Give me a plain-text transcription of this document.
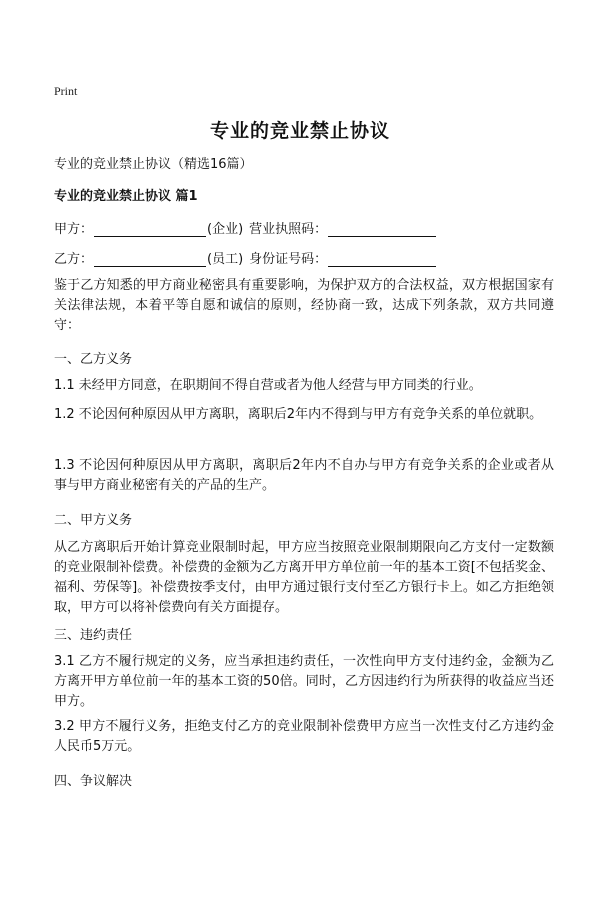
Print
专业的竞业禁止协议
专业的竞业禁止协议（精选16篇）
专业的竞业禁止协议 篇1
甲方：	(企业) 营业执照码：
乙方：	(员工) 身份证号码：
鉴于乙方知悉的甲方商业秘密具有重要影响，为保护双方的合法权益，双方根据国家有关法律法规，本着平等自愿和诚信的原则，经协商一致，达成下列条款，双方共同遵守：
一、乙方义务
1.1 未经甲方同意，在职期间不得自营或者为他人经营与甲方同类的行业。
1.2 不论因何种原因从甲方离职，离职后2年内不得到与甲方有竞争关系的单位就职。
1.3 不论因何种原因从甲方离职，离职后2年内不自办与甲方有竞争关系的企业或者从事与甲方商业秘密有关的产品的生产。
二、甲方义务
从乙方离职后开始计算竞业限制时起，甲方应当按照竞业限制期限向乙方支付一定数额的竞业限制补偿费。补偿费的金额为乙方离开甲方单位前一年的基本工资[不包括奖金、福利、劳保等]。补偿费按季支付，由甲方通过银行支付至乙方银行卡上。如乙方拒绝领取，甲方可以将补偿费向有关方面提存。
三、违约责任
3.1 乙方不履行规定的义务，应当承担违约责任，一次性向甲方支付违约金，金额为乙方离开甲方单位前一年的基本工资的50倍。同时，乙方因违约行为所获得的收益应当还甲方。
3.2 甲方不履行义务，拒绝支付乙方的竞业限制补偿费甲方应当一次性支付乙方违约金人民币5万元。
四、争议解决
